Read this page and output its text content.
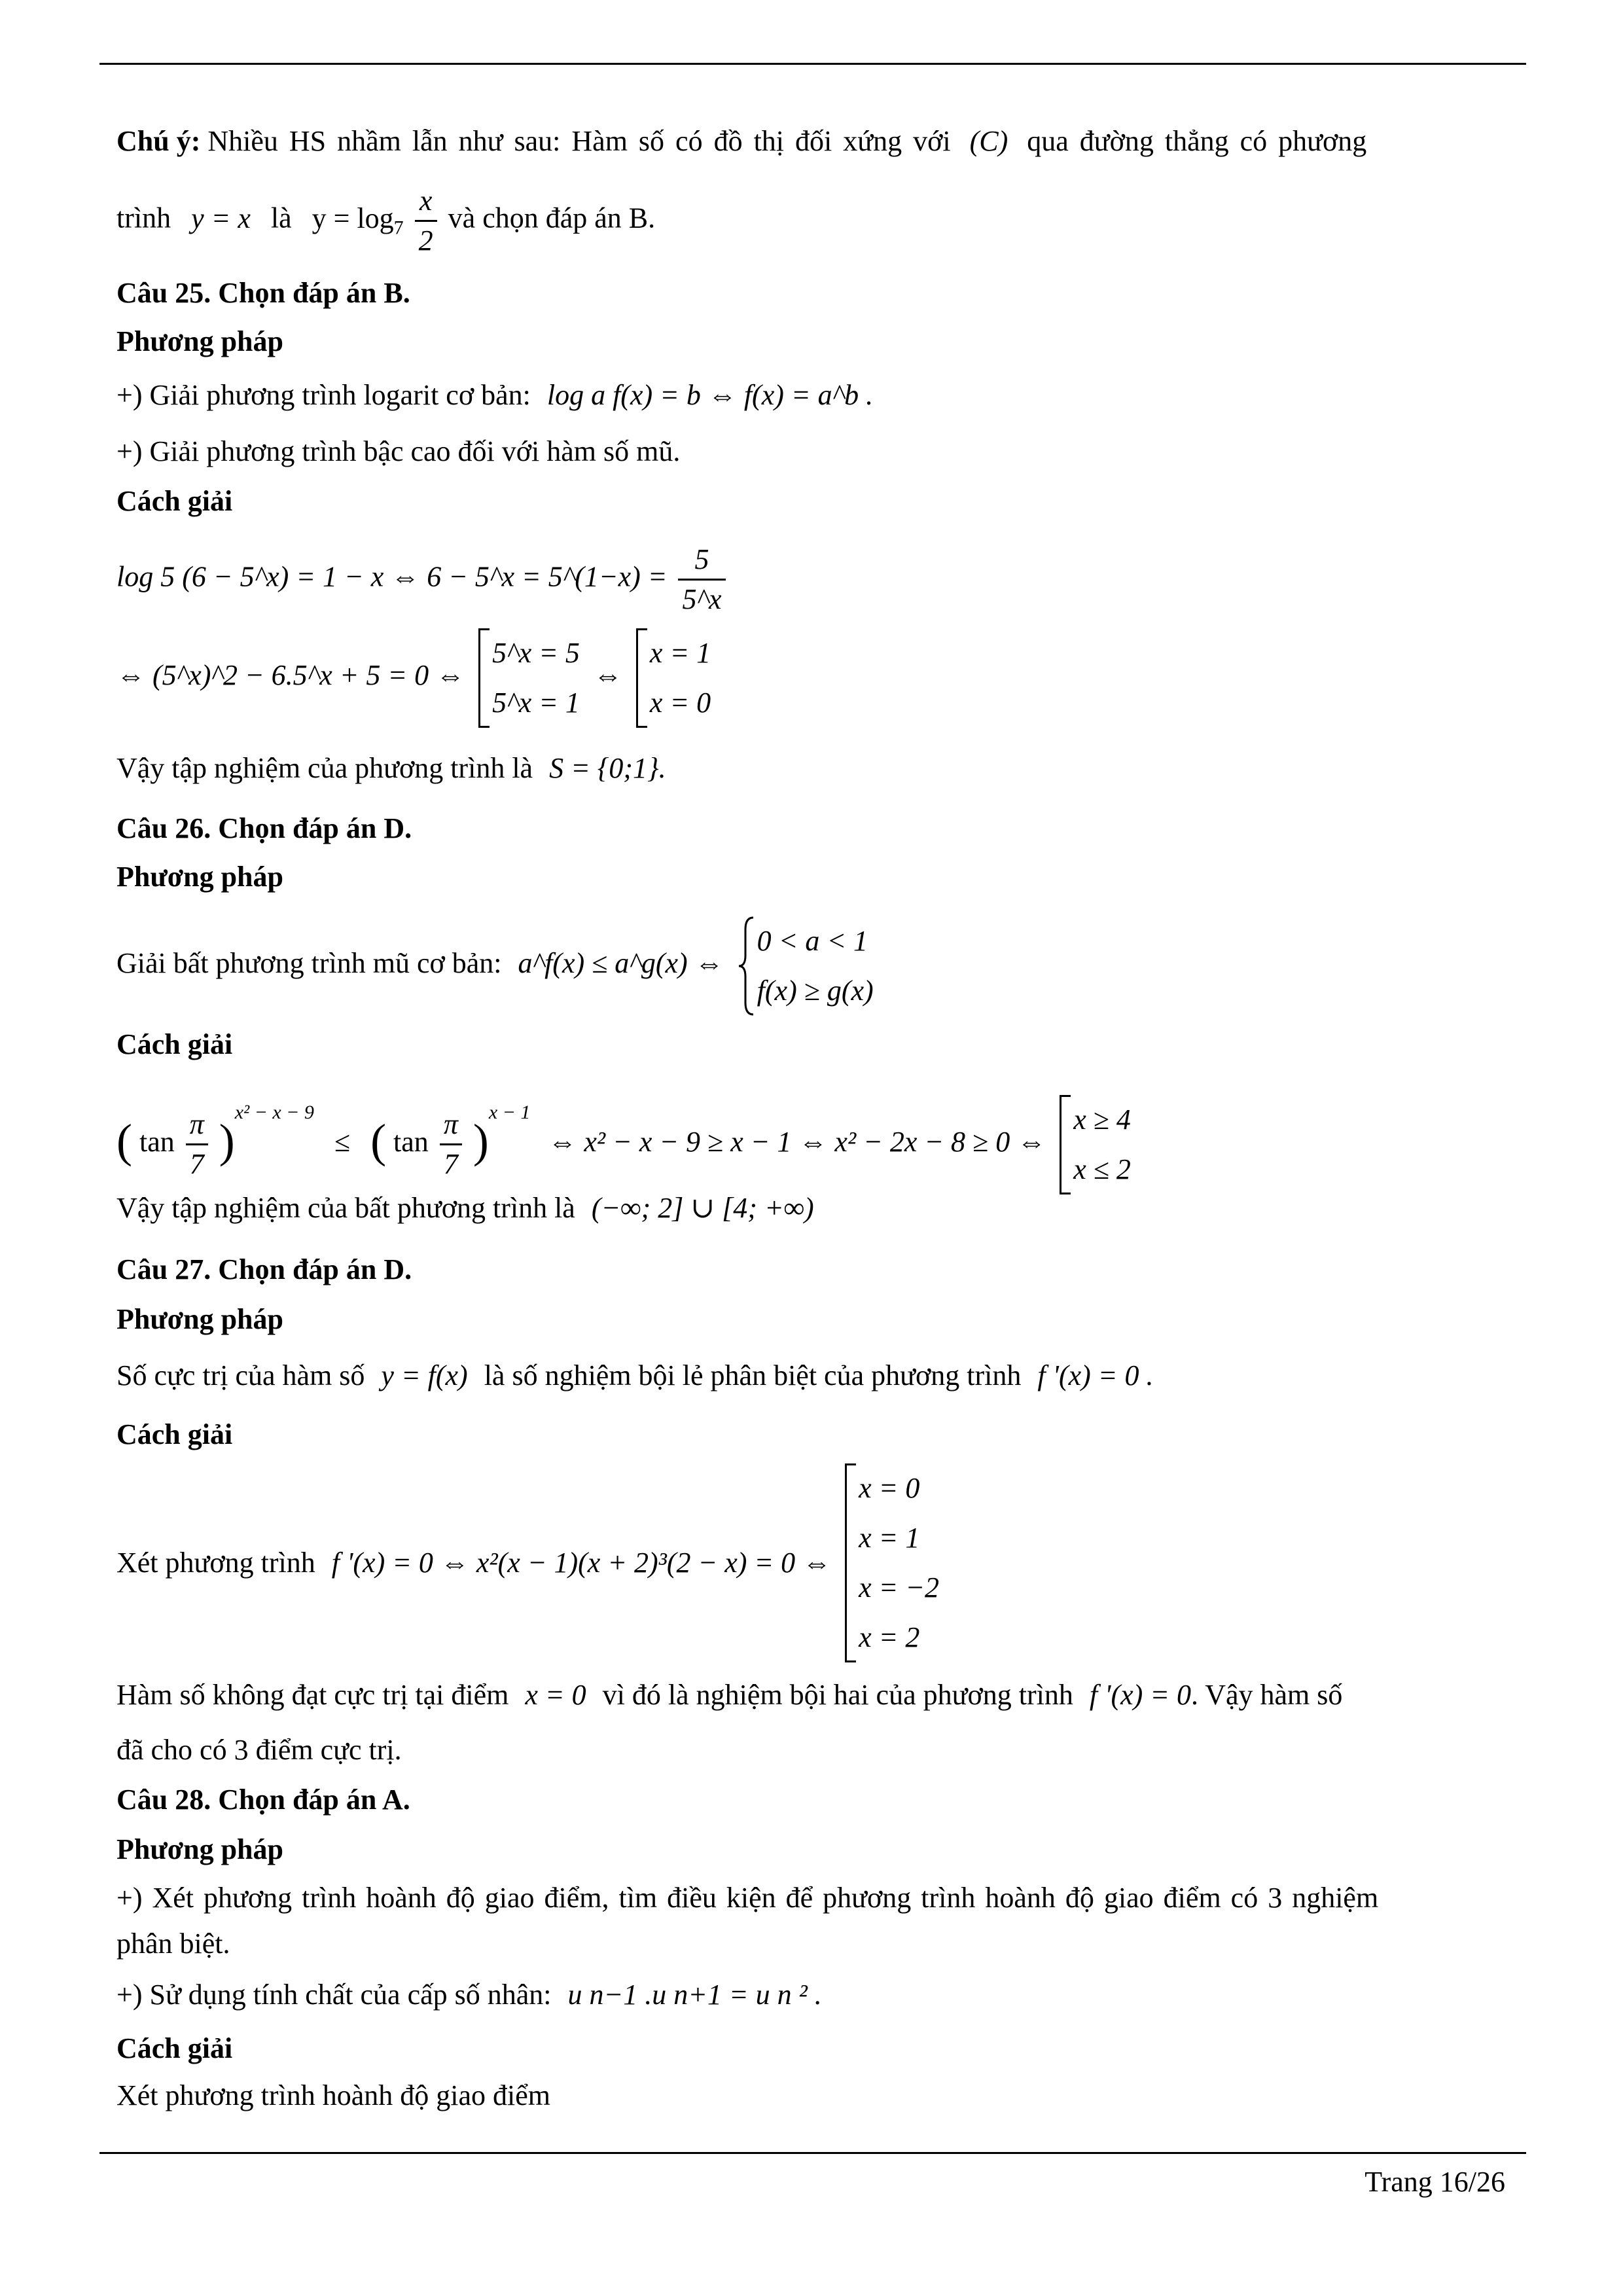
Chú ý: Nhiều HS nhầm lẫn như sau: Hàm số có đồ thị đối xứng với (C) qua đường thẳng có phương
trình y = x là $y = \log_7 \frac{x}{2}$ và chọn đáp án B.
Câu 25. Chọn đáp án B.
Phương pháp
+) Giải phương trình logarit cơ bản: log a f(x) = b ⇔ f(x) = a^b .
+) Giải phương trình bậc cao đối với hàm số mũ.
Cách giải
log 5 (6 − 5^x) = 1 − x ⇔ 6 − 5^x = 5^(1−x) = $\frac{5}{5\^{}x}$
⇔ (5^x)^2 − 6.5^x + 5 = 0 ⇔
5^x = 5
5^x = 1
⇔
x = 1
x = 0
Vậy tập nghiệm của phương trình là S = {0;1}.
Câu 26. Chọn đáp án D.
Phương pháp
Giải bất phương trình mũ cơ bản: a^f(x) ≤ a^g(x) ⇔
0 < a < 1
f(x) ≥ g(x)
Cách giải
( $\tan \frac{\pi}{7} )^{x^2 - x - 9}$ ≤ ( $\tan \frac{\pi}{7} )^{x - 1}$ ⇔ x² − x − 9 ≥ x − 1 ⇔ x² − 2x − 8 ≥ 0 ⇔
x ≥ 4
x ≤ 2
Vậy tập nghiệm của bất phương trình là (−∞; 2] ∪ [4; +∞)
Câu 27. Chọn đáp án D.
Phương pháp
Số cực trị của hàm số y = f(x) là số nghiệm bội lẻ phân biệt của phương trình f '(x) = 0 .
Cách giải
Xét phương trình f '(x) = 0 ⇔ x²(x − 1)(x + 2)³(2 − x) = 0 ⇔
x = 0
x = 1
x = −2
x = 2
Hàm số không đạt cực trị tại điểm x = 0 vì đó là nghiệm bội hai của phương trình f '(x) = 0. Vậy hàm số
đã cho có 3 điểm cực trị.
Câu 28. Chọn đáp án A.
Phương pháp
+) Xét phương trình hoành độ giao điểm, tìm điều kiện để phương trình hoành độ giao điểm có 3 nghiệm
phân biệt.
+) Sử dụng tính chất của cấp số nhân: u n−1 .u n+1 = u n ² .
Cách giải
Xét phương trình hoành độ giao điểm
Trang 16/26
